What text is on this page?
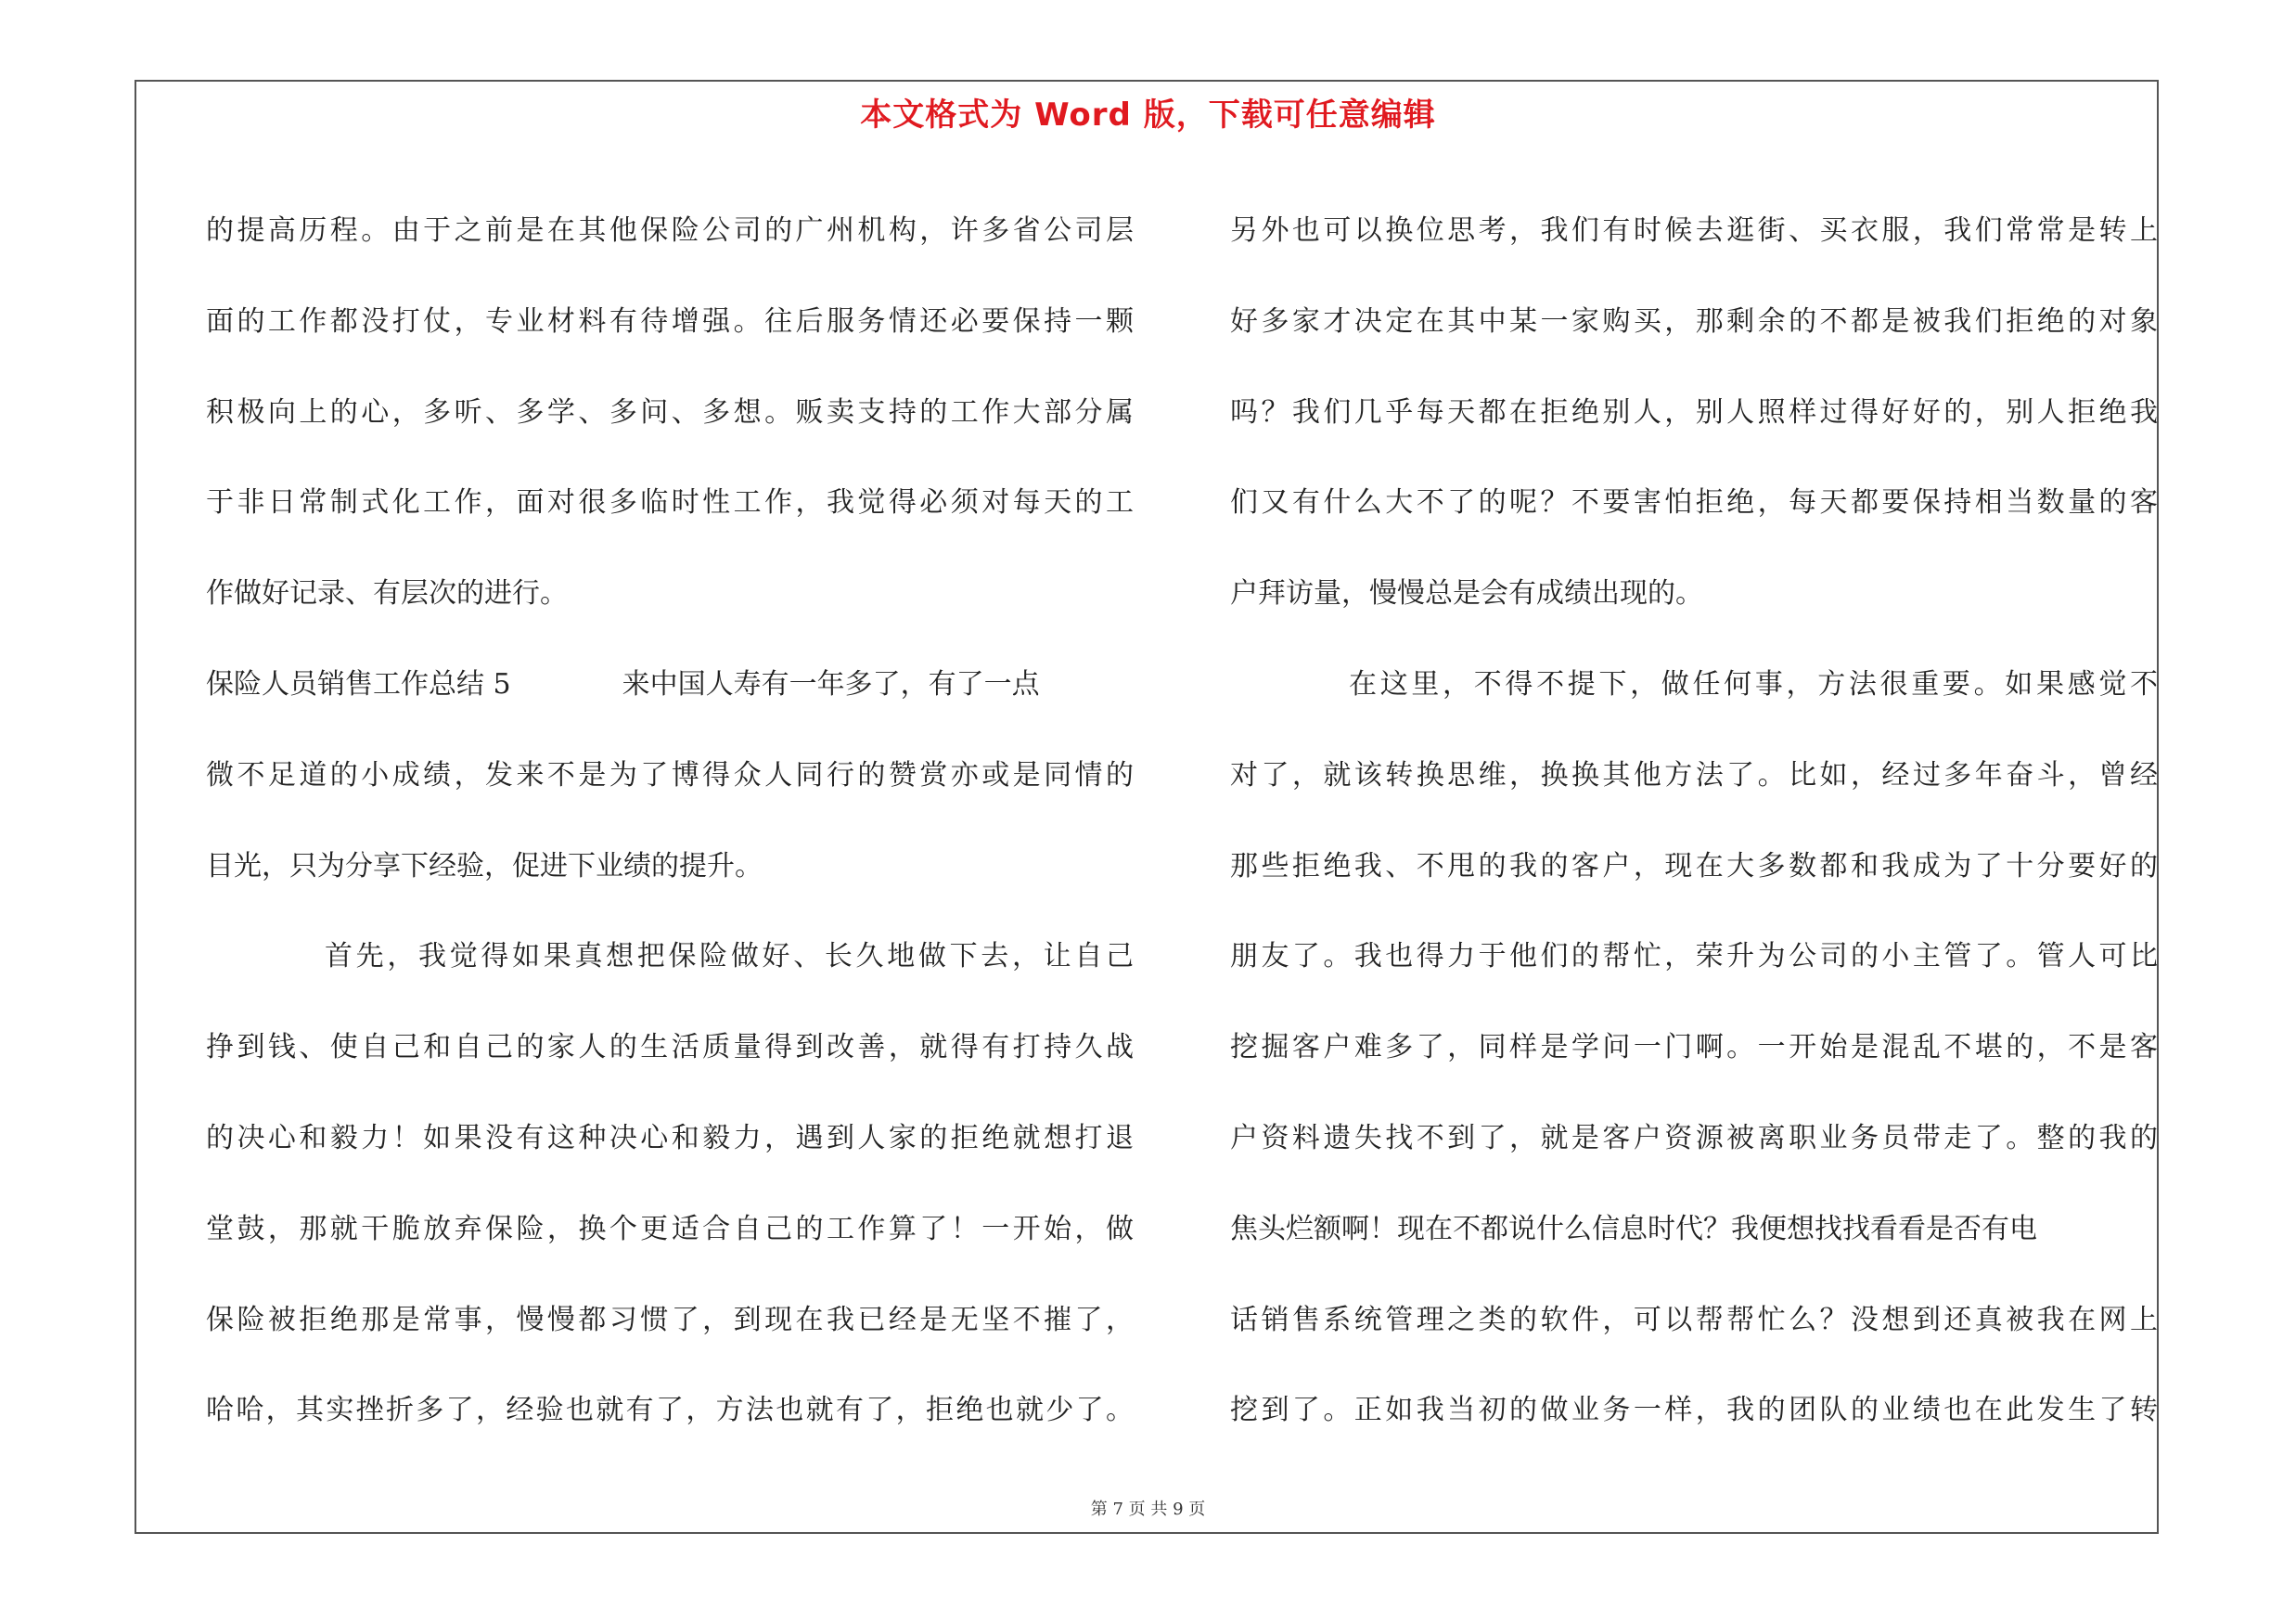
本文格式为 Word 版，下载可任意编辑
的提高历程。由于之前是在其他保险公司的广州机构，许多省公司层
面的工作都没打仗，专业材料有待增强。往后服务情还必要保持一颗
积极向上的心，多听、多学、多问、多想。贩卖支持的工作大部分属
于非日常制式化工作，面对很多临时性工作，我觉得必须对每天的工
作做好记录、有层次的进行。
保险人员销售工作总结 5	来中国人寿有一年多了，有了一点
微不足道的小成绩，发来不是为了博得众人同行的赞赏亦或是同情的
目光，只为分享下经验，促进下业绩的提升。
首先，我觉得如果真想把保险做好、长久地做下去，让自己
挣到钱、使自己和自己的家人的生活质量得到改善，就得有打持久战
的决心和毅力！如果没有这种决心和毅力，遇到人家的拒绝就想打退
堂鼓，那就干脆放弃保险，换个更适合自己的工作算了！一开始，做
保险被拒绝那是常事，慢慢都习惯了，到现在我已经是无坚不摧了，
哈哈，其实挫折多了，经验也就有了，方法也就有了，拒绝也就少了。
另外也可以换位思考，我们有时候去逛街、买衣服，我们常常是转上
好多家才决定在其中某一家购买，那剩余的不都是被我们拒绝的对象
吗？我们几乎每天都在拒绝别人，别人照样过得好好的，别人拒绝我
们又有什么大不了的呢？不要害怕拒绝，每天都要保持相当数量的客
户拜访量，慢慢总是会有成绩出现的。
在这里，不得不提下，做任何事，方法很重要。如果感觉不
对了，就该转换思维，换换其他方法了。比如，经过多年奋斗，曾经
那些拒绝我、不甩的我的客户，现在大多数都和我成为了十分要好的
朋友了。我也得力于他们的帮忙，荣升为公司的小主管了。管人可比
挖掘客户难多了，同样是学问一门啊。一开始是混乱不堪的，不是客
户资料遗失找不到了，就是客户资源被离职业务员带走了。整的我的
焦头烂额啊！现在不都说什么信息时代？我便想找找看看是否有电
话销售系统管理之类的软件，可以帮帮忙么？没想到还真被我在网上
挖到了。正如我当初的做业务一样，我的团队的业绩也在此发生了转
第 7 页 共 9 页
